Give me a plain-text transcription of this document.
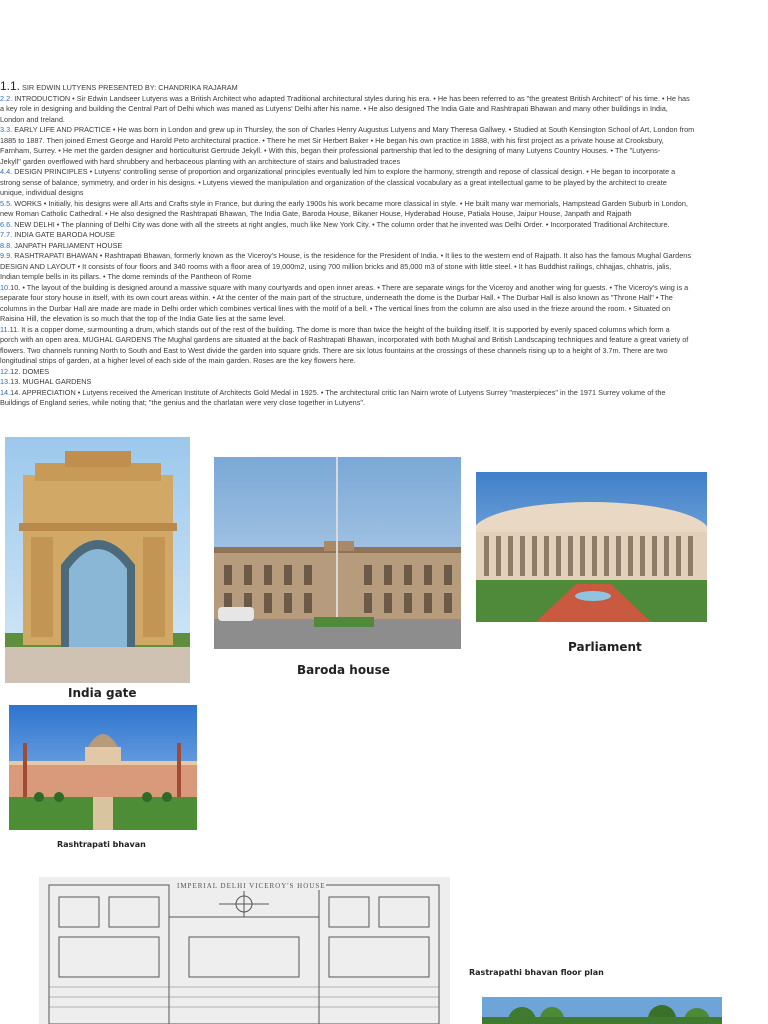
1.1. SIR EDWIN LUTYENS PRESENTED BY: CHANDRIKA RAJARAM
2.2. INTRODUCTION • Sir Edwin Landseer Lutyens was a British Architect who adapted Traditional architectural styles during his era. • He has been referred to as "the greatest British Architect" of his time. • He has
a key role in designing and building the Central Part of Delhi which was maned as Lutyens' Delhi after his name. • He also designed The India Gate and Rashtrapati Bhawan and many other buildings in India,
London and Ireland.
3.3. EARLY LIFE AND PRACTICE • He was born in London and grew up in Thursley, the son of Charles Henry Augustus Lutyens and Mary Theresa Gallwey. • Studied at South Kensington School of Art, London from
1885 to 1887. Then joined Ernest George and Harold Peto architectural practice. • There he met Sir Herbert Baker • He began his own practice in 1888, with his first project as a private house at Crooksbury,
Farnham, Surrey. • He met the garden designer and horticulturist Gertrude Jekyll. • With this, began their professional partnership that led to the designing of many Lutyens Country Houses. • The "Lutyens-
Jekyll" garden overflowed with hard shrubbery and herbaceous planting with an architecture of stairs and balustraded traces
4.4. DESIGN PRINCIPLES • Lutyens' controlling sense of proportion and organizational principles eventually led him to explore the harmony, strength and repose of classical design. • He began to incorporate a
strong sense of balance, symmetry, and order in his designs. • Lutyens viewed the manipulation and organization of the classical vocabulary as a great intellectual game to be played by the architect to create
unique, individual designs
5.5. WORKS • Initially, his designs were all Arts and Crafts style in France, but during the early 1900s his work became more classical in style. • He built many war memorials, Hampstead Garden Suburb in London,
new Roman Catholic Cathedral. • He also designed the Rashtrapati Bhawan, The India Gate, Baroda House, Bikaner House, Hyderabad House, Patiala House, Jaipur House, Janpath and Rajpath
6.6. NEW DELHI • The planning of Delhi City was done with all the streets at right angles, much like New York City. • The column order that he invented was Delhi Order. • Incorporated Traditional Architecture.
7.7. INDIA GATE BARODA HOUSE
8.8. JANPATH PARLIAMENT HOUSE
9.9. RASHTRAPATI BHAWAN • Rashtrapati Bhawan, formerly known as the Viceroy's House, is the residence for the President of India. • It lies to the western end of Rajpath. It also has the famous Mughal Gardens
DESIGN AND LAYOUT • It consists of four floors and 340 rooms with a floor area of 19,000m2, using 700 million bricks and 85,000 m3 of stone with little steel. • It has Buddhist railings, chhajjas, chhatris, jalis,
Indian temple bells in its pillars. • The dome reminds of the Pantheon of Rome
10.10. • The layout of the building is designed around a massive square with many courtyards and open inner areas. • There are separate wings for the Viceroy and another wing for guests. • The Viceroy's wing is a
separate four story house in itself, with its own court areas within. • At the center of the main part of the structure, underneath the dome is the Durbar Hall. • The Durbar Hall is also known as "Throne Hall" • The
columns in the Durbar Hall are made are made in Delhi order which combines vertical lines with the motif of a bell. • The vertical lines from the column are also used in the frieze around the room. • Situated on
Raisina Hill, the elevation is so much that the top of the India Gate lies at the same level.
11.11. It is a copper dome, surmounting a drum, which stands out of the rest of the building. The dome is more than twice the height of the building itself. It is supported by evenly spaced columns which form a
porch with an open area. MUGHAL GARDENS The Mughal gardens are situated at the back of Rashtrapati Bhawan, incorporated with both Mughal and British Landscaping techniques and feature a great variety of
flowers. Two channels running North to South and East to West divide the garden into square grids. There are six lotus fountains at the crossings of these channels rising up to a height of 3.7m. There are two
longitudinal strips of garden, at a higher level of each side of the main garden. Roses are the key flowers here.
12.12. DOMES
13.13. MUGHAL GARDENS
14.14. APPRECIATION • Lutyens received the American Institute of Architects Gold Medal in 1925. • The architectural critic Ian Nairn wrote of Lutyens Surrey "masterpieces" in the 1971 Surrey volume of the
Buildings of England series, while noting that; "the genius and the charlatan were very close together in Lutyens".
India gate
Baroda house
Parliament
Rashtrapati bhavan
IMPERIAL DELHI VICEROY'S HOUSE
Rastrapathi bhavan floor plan
